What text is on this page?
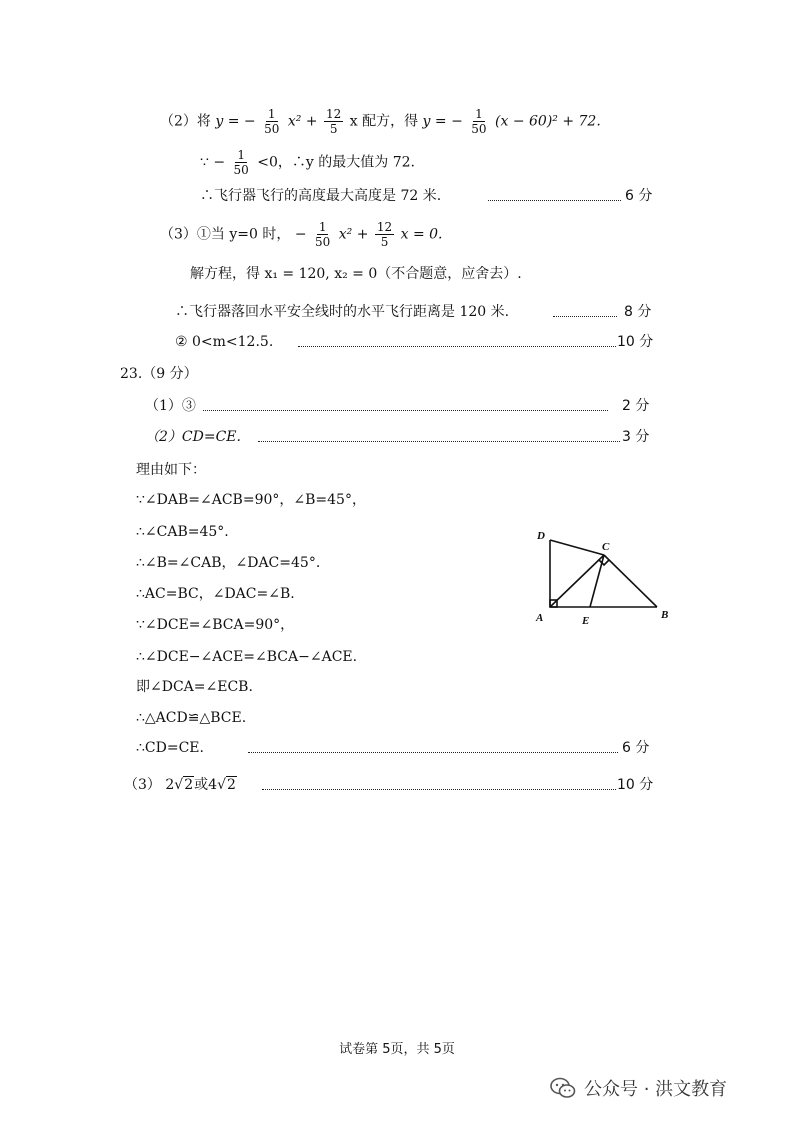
（2）将 y = − $\frac{1}{50} x^2 + \frac{12}{5}$ x 配方，得 y = − $\frac{1}{50} (x - 60)^2 + 72$.
∵ − $\frac{1}{50} <0$，∴y 的最大值为 72.
∴飞行器飞行的高度最大高度是 72 米.	6 分
（3）①当 y=0 时， − $\frac{1}{50} x^2 + \frac{12}{5}$ x = 0.
解方程，得 x₁ = 120, x₂ = 0（不合题意，应舍去）.
∴飞行器落回水平安全线时的水平飞行距离是 120 米.	8 分
② 0<m<12.5.	10 分
23.（9 分）
（1）③	2 分
（2）CD=CE.	3 分
理由如下：
∵∠DAB=∠ACB=90°，∠B=45°，
∴∠CAB=45°.
∴∠B=∠CAB，∠DAC=45°.
∴AC=BC，∠DAC=∠B.
∵∠DCE=∠BCA=90°，
∴∠DCE−∠ACE=∠BCA−∠ACE.
即∠DCA=∠ECB.
∴△ACD≌△BCE.
∴CD=CE.	6 分
（3） 2√2或4√2	10 分
D
C
A	E	B
试卷第 5页，共 5页
公众号 · 洪文教育
